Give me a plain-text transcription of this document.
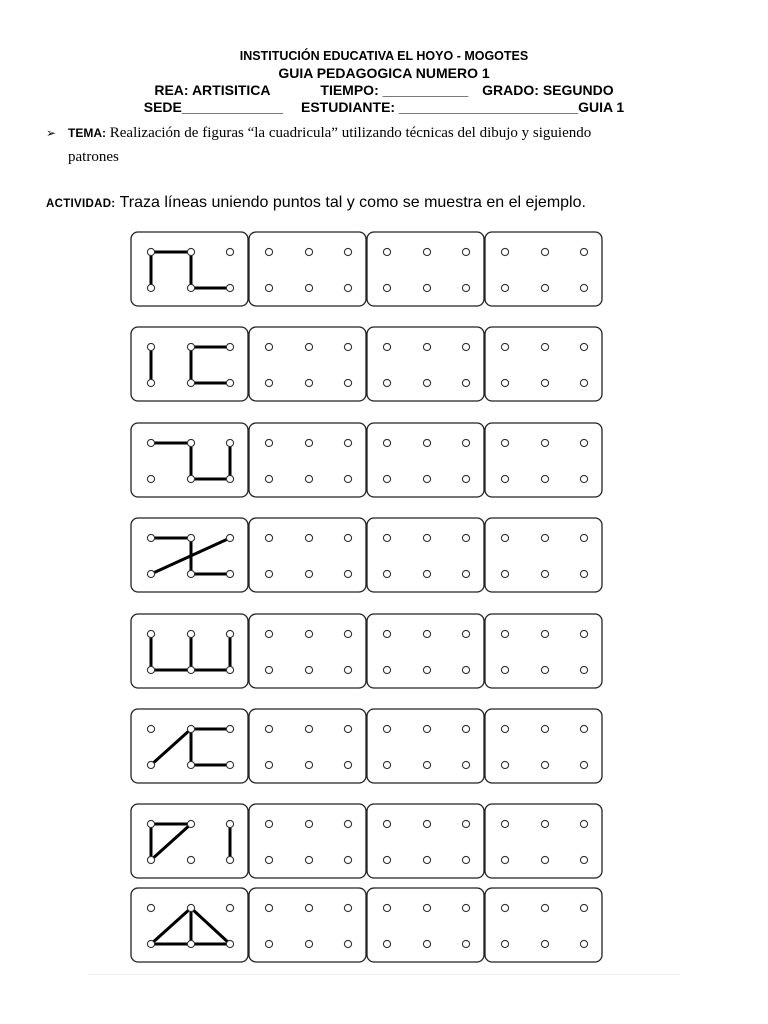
INSTITUCIÓN EDUCATIVA EL HOYO - MOGOTES
GUIA PEDAGOGICA NUMERO 1
REA: ARTISITICA	TIEMPO: ___________ GRADO: SEGUNDO
SEDE_____________ ESTUDIANTE: _______________________GUIA 1
➢ TEMA: Realización de figuras “la cuadricula” utilizando técnicas del dibujo y siguiendo
patrones
ACTIVIDAD: Traza líneas uniendo puntos tal y como se muestra en el ejemplo.
